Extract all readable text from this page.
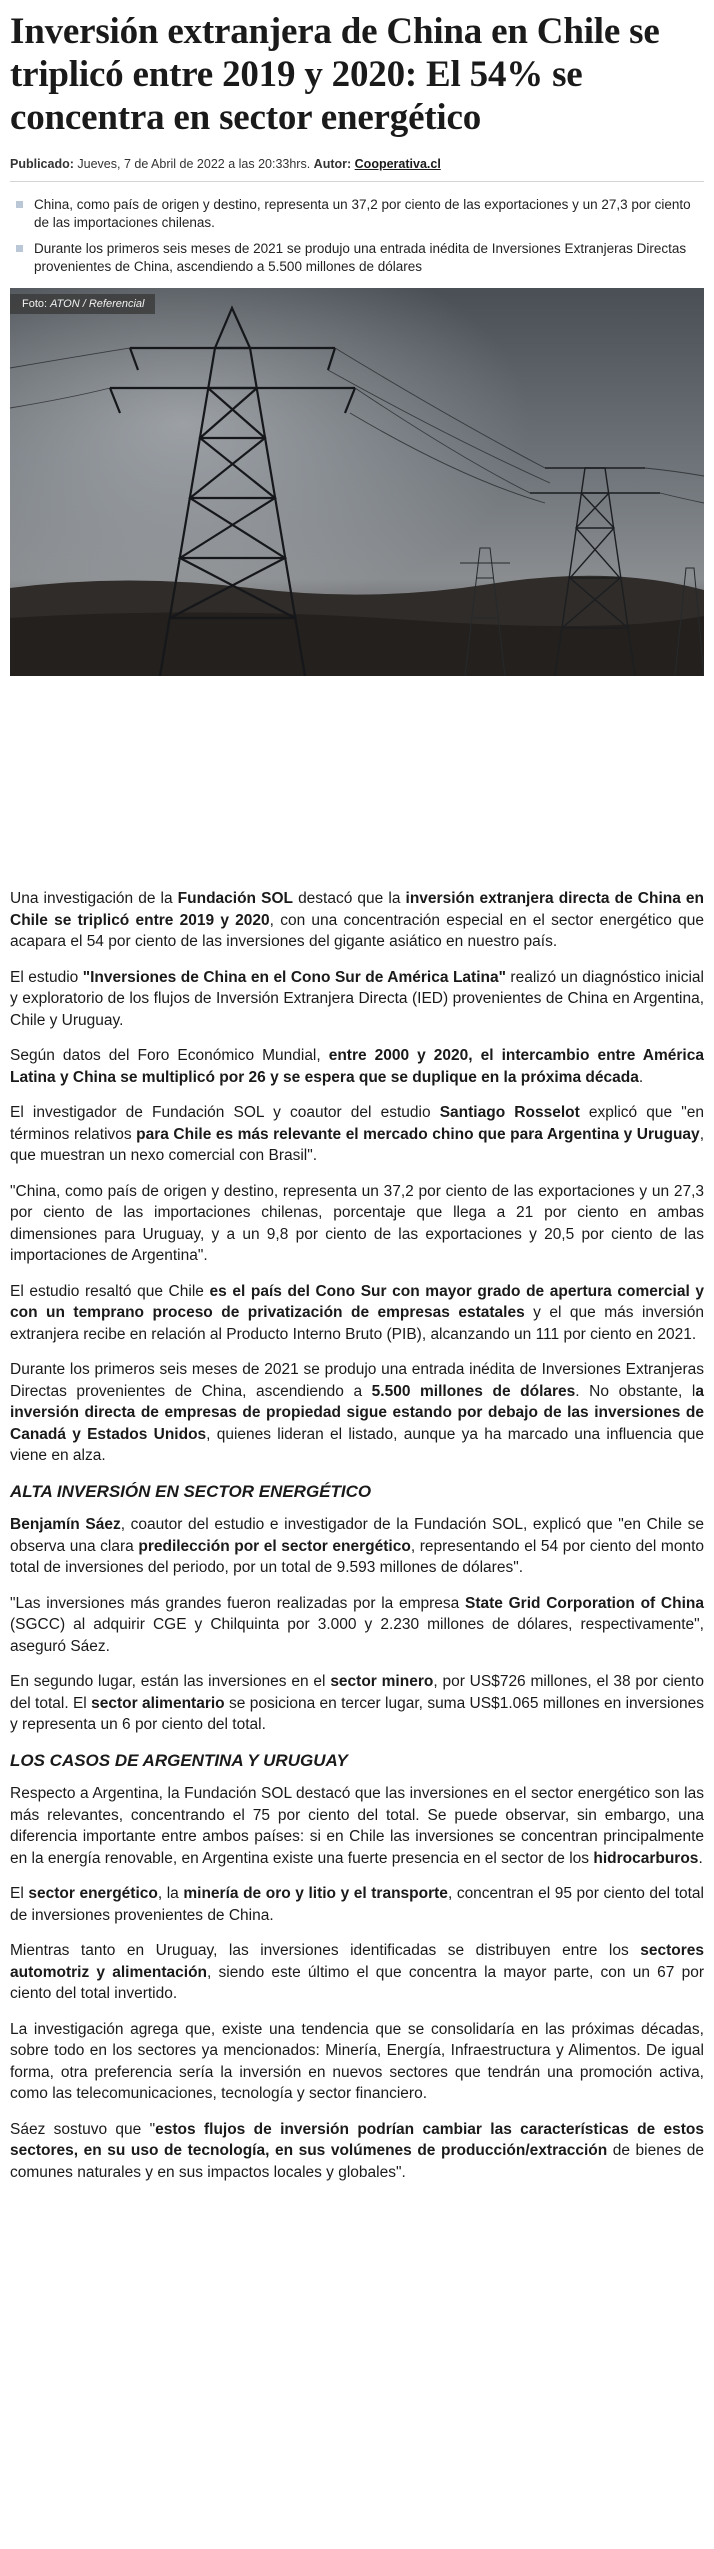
Inversión extranjera de China en Chile se triplicó entre 2019 y 2020: El 54% se concentra en sector energético
Publicado: Jueves, 7 de Abril de 2022 a las 20:33hrs. Autor: Cooperativa.cl
China, como país de origen y destino, representa un 37,2 por ciento de las exportaciones y un 27,3 por ciento de las importaciones chilenas.
Durante los primeros seis meses de 2021 se produjo una entrada inédita de Inversiones Extranjeras Directas provenientes de China, ascendiendo a 5.500 millones de dólares
Foto: ATON / Referencial

Una investigación de la Fundación SOL destacó que la inversión extranjera directa de China en Chile se triplicó entre 2019 y 2020, con una concentración especial en el sector energético que acapara el 54 por ciento de las inversiones del gigante asiático en nuestro país.

El estudio "Inversiones de China en el Cono Sur de América Latina" realizó un diagnóstico inicial y exploratorio de los flujos de Inversión Extranjera Directa (IED) provenientes de China en Argentina, Chile y Uruguay.

Según datos del Foro Económico Mundial, entre 2000 y 2020, el intercambio entre América Latina y China se multiplicó por 26 y se espera que se duplique en la próxima década.

El investigador de Fundación SOL y coautor del estudio Santiago Rosselot explicó que "en términos relativos para Chile es más relevante el mercado chino que para Argentina y Uruguay, que muestran un nexo comercial con Brasil".

"China, como país de origen y destino, representa un 37,2 por ciento de las exportaciones y un 27,3 por ciento de las importaciones chilenas, porcentaje que llega a 21 por ciento en ambas dimensiones para Uruguay, y a un 9,8 por ciento de las exportaciones y 20,5 por ciento de las importaciones de Argentina".

El estudio resaltó que Chile es el país del Cono Sur con mayor grado de apertura comercial y con un temprano proceso de privatización de empresas estatales y el que más inversión extranjera recibe en relación al Producto Interno Bruto (PIB), alcanzando un 111 por ciento en 2021.

Durante los primeros seis meses de 2021 se produjo una entrada inédita de Inversiones Extranjeras Directas provenientes de China, ascendiendo a 5.500 millones de dólares. No obstante, la inversión directa de empresas de propiedad sigue estando por debajo de las inversiones de Canadá y Estados Unidos, quienes lideran el listado, aunque ya ha marcado una influencia que viene en alza.

ALTA INVERSIÓN EN SECTOR ENERGÉTICO

Benjamín Sáez, coautor del estudio e investigador de la Fundación SOL, explicó que "en Chile se observa una clara predilección por el sector energético, representando el 54 por ciento del monto total de inversiones del periodo, por un total de 9.593 millones de dólares".

"Las inversiones más grandes fueron realizadas por la empresa State Grid Corporation of China (SGCC) al adquirir CGE y Chilquinta por 3.000 y 2.230 millones de dólares, respectivamente", aseguró Sáez.

En segundo lugar, están las inversiones en el sector minero, por US$726 millones, el 38 por ciento del total. El sector alimentario se posiciona en tercer lugar, suma US$1.065 millones en inversiones y representa un 6 por ciento del total.

LOS CASOS DE ARGENTINA Y URUGUAY

Respecto a Argentina, la Fundación SOL destacó que las inversiones en el sector energético son las más relevantes, concentrando el 75 por ciento del total. Se puede observar, sin embargo, una diferencia importante entre ambos países: si en Chile las inversiones se concentran principalmente en la energía renovable, en Argentina existe una fuerte presencia en el sector de los hidrocarburos.

El sector energético, la minería de oro y litio y el transporte, concentran el 95 por ciento del total de inversiones provenientes de China.

Mientras tanto en Uruguay, las inversiones identificadas se distribuyen entre los sectores automotriz y alimentación, siendo este último el que concentra la mayor parte, con un 67 por ciento del total invertido.

La investigación agrega que, existe una tendencia que se consolidaría en las próximas décadas, sobre todo en los sectores ya mencionados: Minería, Energía, Infraestructura y Alimentos. De igual forma, otra preferencia sería la inversión en nuevos sectores que tendrán una promoción activa, como las telecomunicaciones, tecnología y sector financiero.

Sáez sostuvo que "estos flujos de inversión podrían cambiar las características de estos sectores, en su uso de tecnología, en sus volúmenes de producción/extracción de bienes de comunes naturales y en sus impactos locales y globales".
